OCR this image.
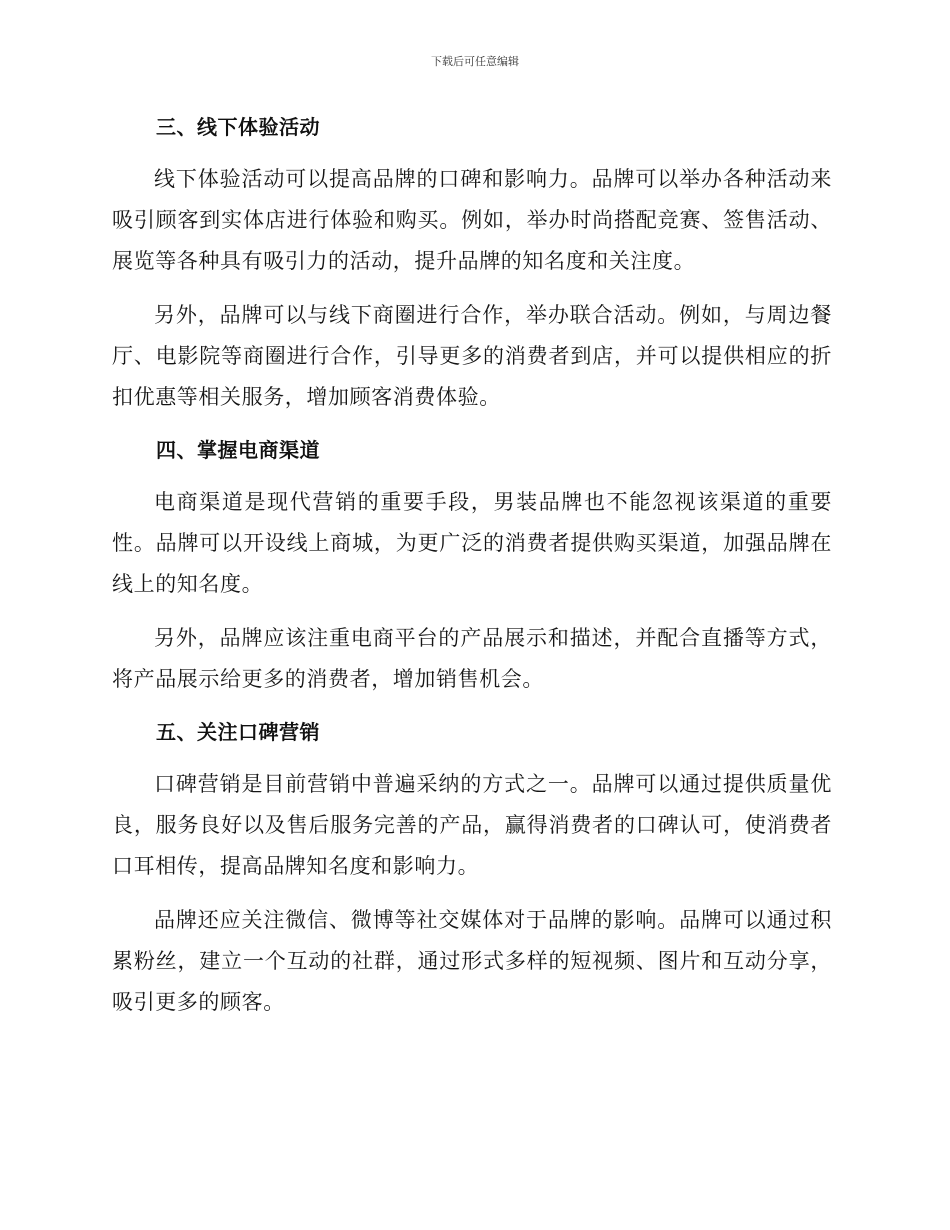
下载后可任意编辑
三、线下体验活动

线下体验活动可以提高品牌的口碑和影响力。品牌可以举办各种活动来吸引顾客到实体店进行体验和购买。例如，举办时尚搭配竞赛、签售活动、展览等各种具有吸引力的活动，提升品牌的知名度和关注度。

另外，品牌可以与线下商圈进行合作，举办联合活动。例如，与周边餐厅、电影院等商圈进行合作，引导更多的消费者到店，并可以提供相应的折扣优惠等相关服务，增加顾客消费体验。

四、掌握电商渠道

电商渠道是现代营销的重要手段，男装品牌也不能忽视该渠道的重要性。品牌可以开设线上商城，为更广泛的消费者提供购买渠道，加强品牌在线上的知名度。

另外，品牌应该注重电商平台的产品展示和描述，并配合直播等方式，将产品展示给更多的消费者，增加销售机会。

五、关注口碑营销

口碑营销是目前营销中普遍采纳的方式之一。品牌可以通过提供质量优良，服务良好以及售后服务完善的产品，赢得消费者的口碑认可，使消费者口耳相传，提高品牌知名度和影响力。

品牌还应关注微信、微博等社交媒体对于品牌的影响。品牌可以通过积累粉丝，建立一个互动的社群，通过形式多样的短视频、图片和互动分享，吸引更多的顾客。
